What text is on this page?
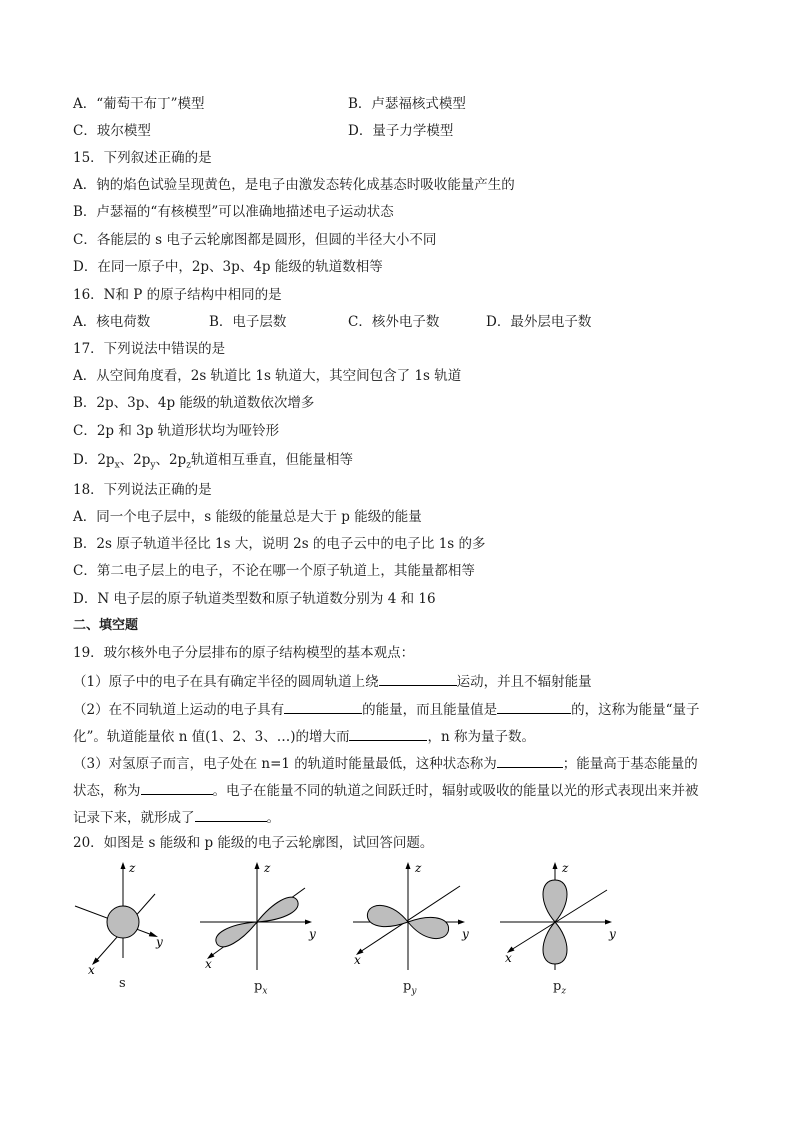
A．“葡萄干布丁”模型	B．卢瑟福核式模型
C．玻尔模型	D．量子力学模型
15．下列叙述正确的是
A．钠的焰色试验呈现黄色，是电子由激发态转化成基态时吸收能量产生的
B．卢瑟福的“有核模型”可以准确地描述电子运动状态
C．各能层的 s 电子云轮廓图都是圆形，但圆的半径大小不同
D．在同一原子中，2p、3p、4p 能级的轨道数相等
16．N和 P 的原子结构中相同的是
A．核电荷数	B．电子层数	C．核外电子数	D．最外层电子数
17．下列说法中错误的是
A．从空间角度看，2s 轨道比 1s 轨道大，其空间包含了 1s 轨道
B．2p、3p、4p 能级的轨道数依次增多
C．2p 和 3p 轨道形状均为哑铃形
D．$2p_x$、$2p_y$、$2p_z$轨道相互垂直，但能量相等
18．下列说法正确的是
A．同一个电子层中，s 能级的能量总是大于 p 能级的能量
B．2s 原子轨道半径比 1s 大，说明 2s 的电子云中的电子比 1s 的多
C．第二电子层上的电子，不论在哪一个原子轨道上，其能量都相等
D．N 电子层的原子轨道类型数和原子轨道数分别为 4 和 16
二、填空题
19．玻尔核外电子分层排布的原子结构模型的基本观点：
（1）原子中的电子在具有确定半径的圆周轨道上绕	运动，并且不辐射能量
（2）在不同轨道上运动的电子具有	的能量，而且能量值是	的，这称为能量“量子
化”。轨道能量依 n 值(1、2、3、…)的增大而	，n 称为量子数。
（3）对氢原子而言，电子处在 n=1 的轨道时能量最低，这种状态称为	；能量高于基态能量的
状态，称为	。电子在能量不同的轨道之间跃迁时，辐射或吸收的能量以光的形式表现出来并被
记录下来，就形成了	。
20．如图是 s 能级和 p 能级的电子云轮廓图，试回答问题。
z
y
x
s
z
y
x
$p_x$
z
y
x
$p_y$
z
y
x
$p_z$
